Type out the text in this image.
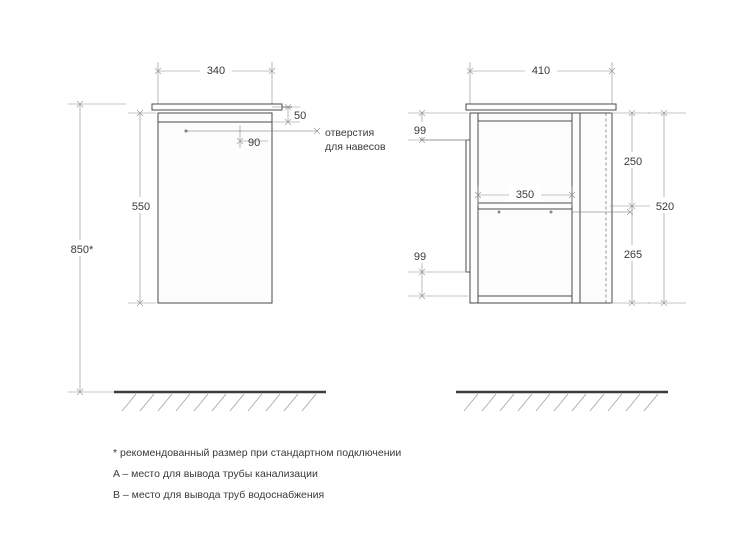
340
50
90
550
850*
отверстия
для навесов
410
99
99
350
250
265
520
* рекомендованный размер при стандартном подключении
A – место для вывода трубы канализации
B – место для вывода труб водоснабжения
